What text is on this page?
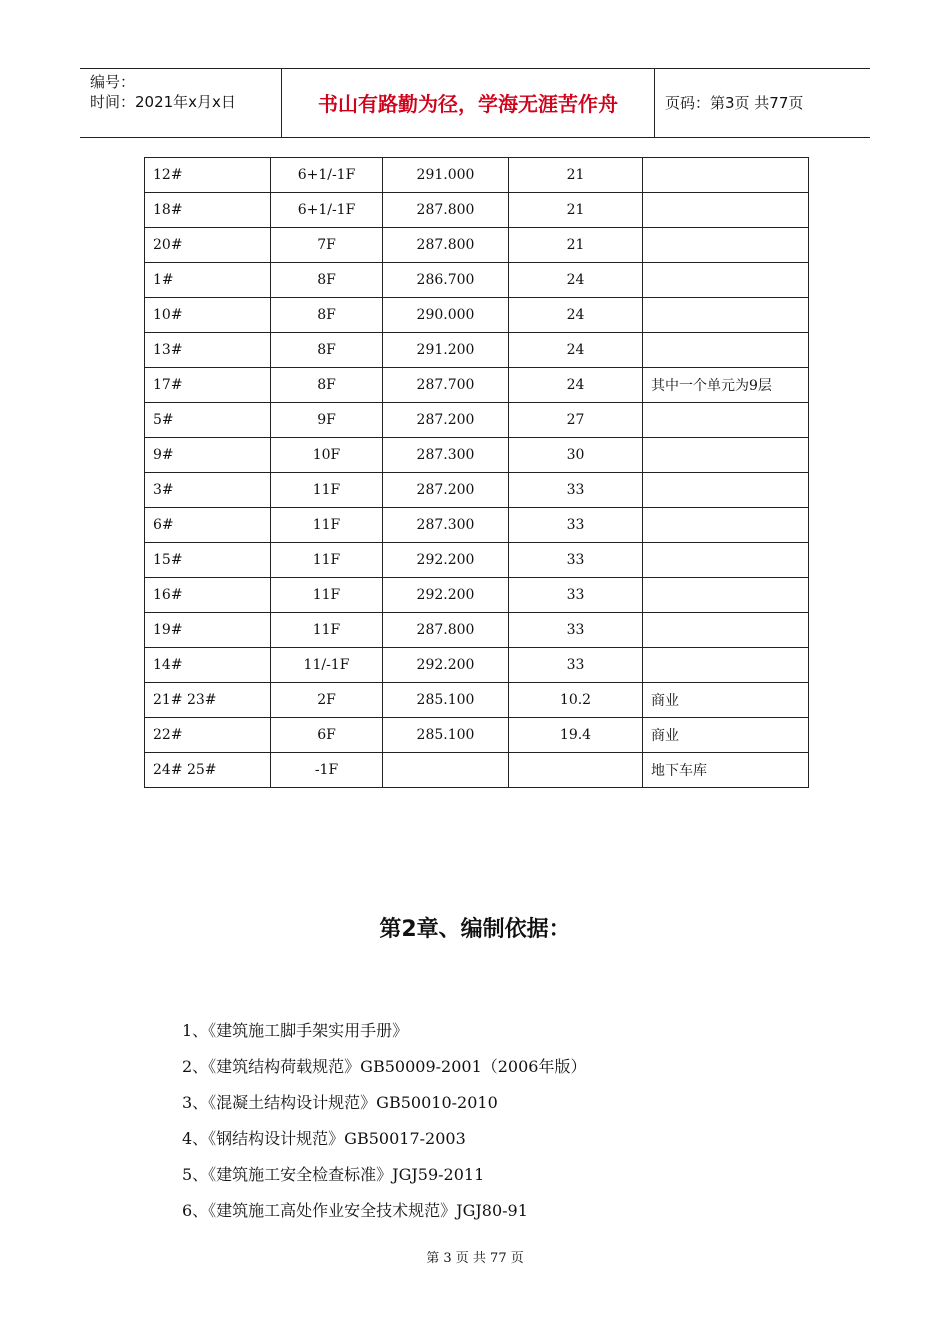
编号：
时间：2021年x月x日	书山有路勤为径，学海无涯苦作舟	页码：第3页 共77页
12#	6+1/-1F	291.000	21	
18#	6+1/-1F	287.800	21	
20#	7F	287.800	21	
1#	8F	286.700	24	
10#	8F	290.000	24	
13#	8F	291.200	24	
17#	8F	287.700	24	其中一个单元为9层
5#	9F	287.200	27	
9#	10F	287.300	30	
3#	11F	287.200	33	
6#	11F	287.300	33	
15#	11F	292.200	33	
16#	11F	292.200	33	
19#	11F	287.800	33	
14#	11/-1F	292.200	33	
21# 23#	2F	285.100	10.2	商业
22#	6F	285.100	19.4	商业
24# 25#	-1F			地下车库
第2章、编制依据：
1、《建筑施工脚手架实用手册》
2、《建筑结构荷载规范》GB50009-2001（2006年版）
3、《混凝土结构设计规范》GB50010-2010
4、《钢结构设计规范》GB50017-2003
5、《建筑施工安全检查标准》JGJ59-2011
6、《建筑施工高处作业安全技术规范》JGJ80-91
第 3 页 共 77 页
